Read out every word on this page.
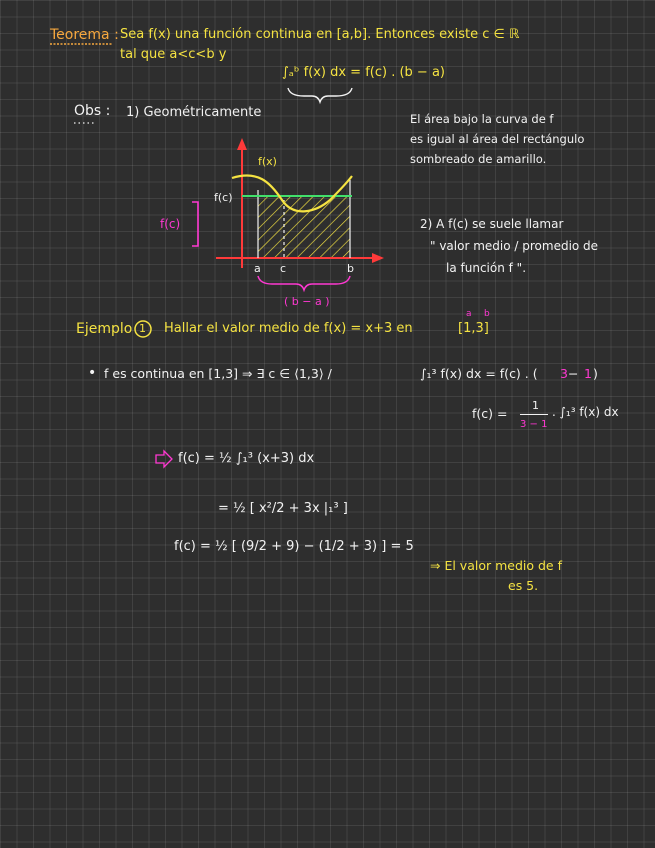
Teorema : Sea f(x) una función continua en [a,b]. Entonces existe c ∈ ℝ
tal que a<c<b y
∫ₐᵇ f(x) dx = f(c) . (b − a)
Obs : 1) Geométricamente	El área bajo la curva de f
es igual al área del rectángulo
sombreado de amarillo.
2) A f(c) se suele llamar
" valor medio / promedio de
la función f ".
f(x)
f(c)
f(c)
a c	b
( b − a )
Ejemplo 1 Hallar el valor medio de f(x) = x+3 en	[1,3]
a b
• f es continua en [1,3] ⇒ ∃ c ∈ ⟨1,3⟩ /	∫₁³ f(x) dx = f(c) . ( 3 − 1 )
f(c) =
1
3 − 1
. ∫₁³ f(x) dx
f(c) = ½ ∫₁³ (x+3) dx
= ½ [ x²/2 + 3x |₁³ ]
f(c) = ½ [ (9/2 + 9) − (1/2 + 3) ] = 5
⇒ El valor medio de f
es 5.
